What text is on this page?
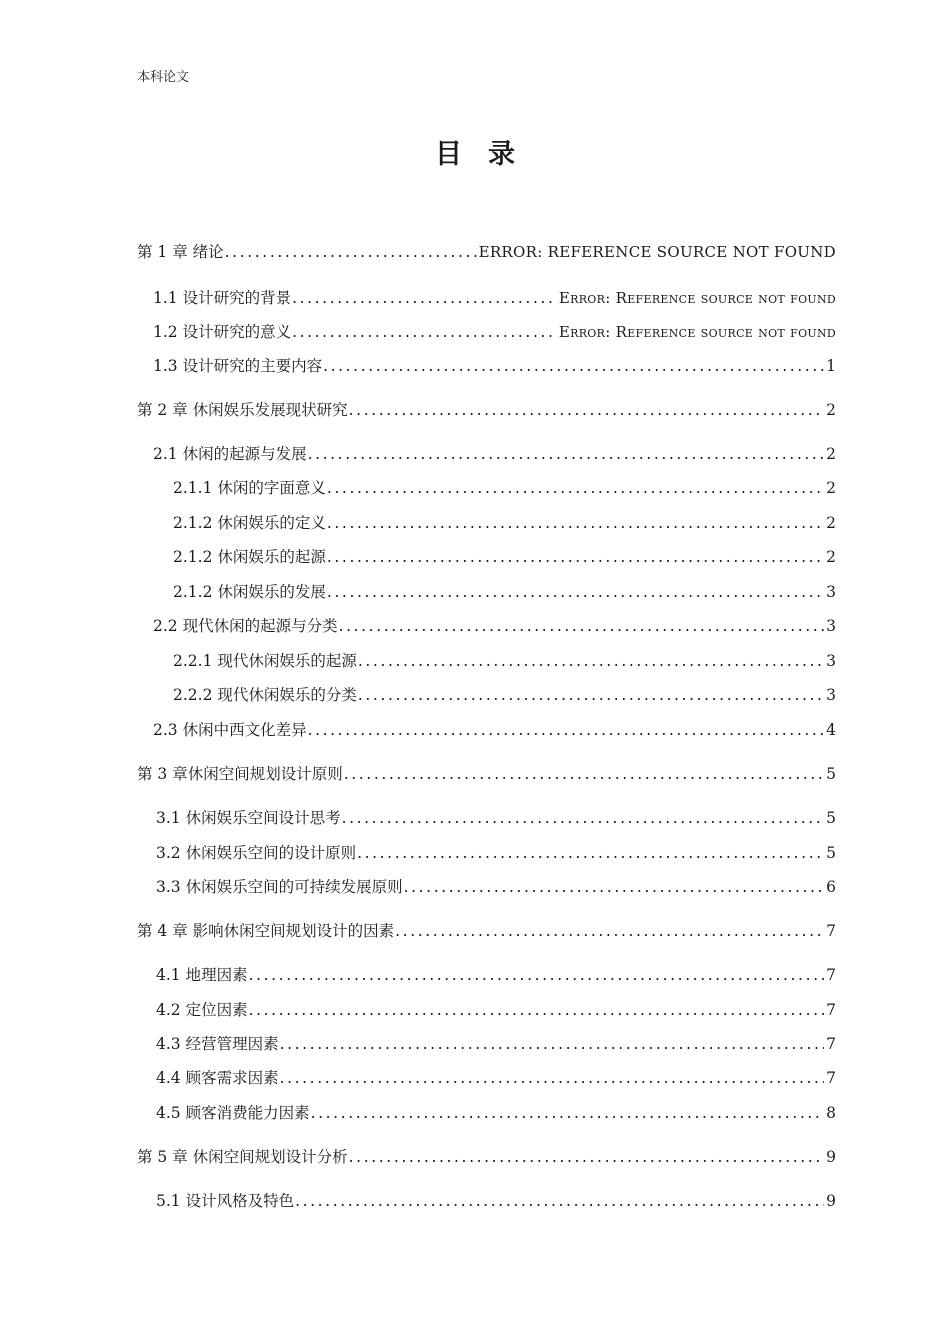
本科论文
目录
第 1 章 绪论 .....	ERROR: REFERENCE SOURCE NOT FOUND
1.1 设计研究的背景 .....	Error: Reference source not found
1.2 设计研究的意义 .....	Error: Reference source not found
1.3 设计研究的主要内容 .....	1
第 2 章 休闲娱乐发展现状研究 .....	2
2.1 休闲的起源与发展 .....	2
2.1.1 休闲的字面意义 .....	2
2.1.2 休闲娱乐的定义 .....	2
2.1.2 休闲娱乐的起源 .....	2
2.1.2 休闲娱乐的发展 .....	3
2.2 现代休闲的起源与分类 .....	3
2.2.1 现代休闲娱乐的起源 .....	3
2.2.2 现代休闲娱乐的分类 .....	3
2.3 休闲中西文化差异 .....	4
第 3 章休闲空间规划设计原则 .....	5
3.1 休闲娱乐空间设计思考 .....	5
3.2 休闲娱乐空间的设计原则 .....	5
3.3 休闲娱乐空间的可持续发展原则 .....	6
第 4 章 影响休闲空间规划设计的因素 .....	7
4.1 地理因素 .....	7
4.2 定位因素 .....	7
4.3 经营管理因素 .....	7
4.4 顾客需求因素 .....	7
4.5 顾客消费能力因素 .....	8
第 5 章 休闲空间规划设计分析 .....	9
5.1 设计风格及特色 .....	9
